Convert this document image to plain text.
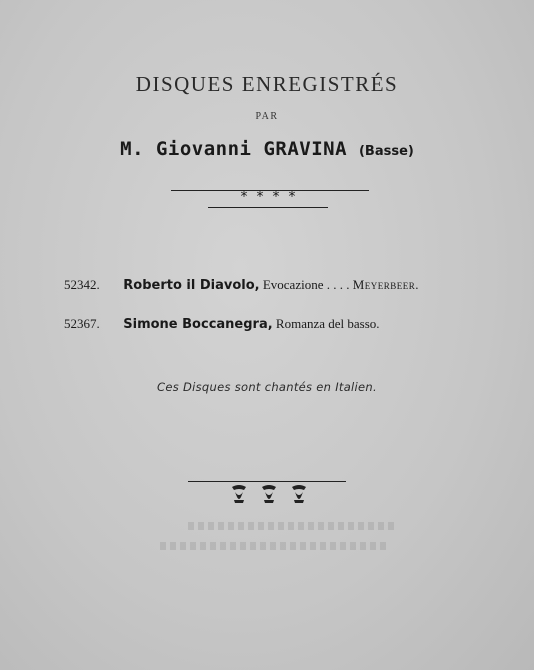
DISQUES ENREGISTRÉS
PAR
M. Giovanni GRAVINA (Basse)
****
52342. Roberto il Diavolo, Evocazione . . . . Meyerbeer.
52367. Simone Boccanegra, Romanza del basso.
Ces Disques sont chantés en Italien.
